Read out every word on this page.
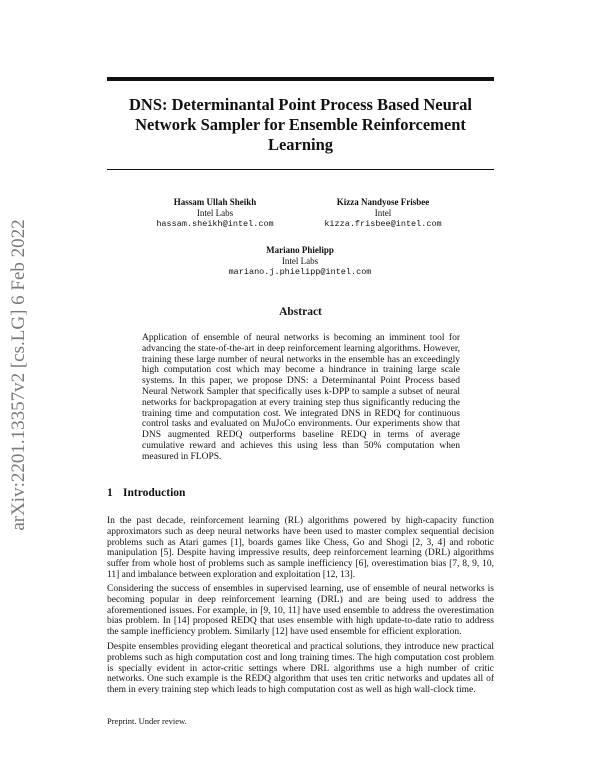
arXiv:2201.13357v2 [cs.LG] 6 Feb 2022
DNS: Determinantal Point Process Based Neural Network Sampler for Ensemble Reinforcement Learning
Hassam Ullah Sheikh
Intel Labs
hassam.sheikh@intel.com
Kizza Nandyose Frisbee
Intel
kizza.frisbee@intel.com
Mariano Phielipp
Intel Labs
mariano.j.phielipp@intel.com
Abstract
Application of ensemble of neural networks is becoming an imminent tool for advancing the state-of-the-art in deep reinforcement learning algorithms. However, training these large number of neural networks in the ensemble has an exceedingly high computation cost which may become a hindrance in training large scale systems. In this paper, we propose DNS: a Determinantal Point Process based Neural Network Sampler that specifically uses k-DPP to sample a subset of neural networks for backpropagation at every training step thus significantly reducing the training time and computation cost. We integrated DNS in REDQ for continuous control tasks and evaluated on MuJoCo environments. Our experiments show that DNS augmented REDQ outperforms baseline REDQ in terms of average cumulative reward and achieves this using less than 50% computation when measured in FLOPS.
1 Introduction
In the past decade, reinforcement learning (RL) algorithms powered by high-capacity function approximators such as deep neural networks have been used to master complex sequential decision problems such as Atari games [1], boards games like Chess, Go and Shogi [2, 3, 4] and robotic manipulation [5]. Despite having impressive results, deep reinforcement learning (DRL) algorithms suffer from whole host of problems such as sample inefficiency [6], overestimation bias [7, 8, 9, 10, 11] and imbalance between exploration and exploitation [12, 13].
Considering the success of ensembles in supervised learning, use of ensemble of neural networks is becoming popular in deep reinforcement learning (DRL) and are being used to address the aforementioned issues. For example, in [9, 10, 11] have used ensemble to address the overestimation bias problem. In [14] proposed REDQ that uses ensemble with high update-to-date ratio to address the sample inefficiency problem. Similarly [12] have used ensemble for efficient exploration.
Despite ensembles providing elegant theoretical and practical solutions, they introduce new practical problems such as high computation cost and long training times. The high computation cost problem is specially evident in actor-critic settings where DRL algorithms use a high number of critic networks. One such example is the REDQ algorithm that uses ten critic networks and updates all of them in every training step which leads to high computation cost as well as high wall-clock time.
Preprint. Under review.
